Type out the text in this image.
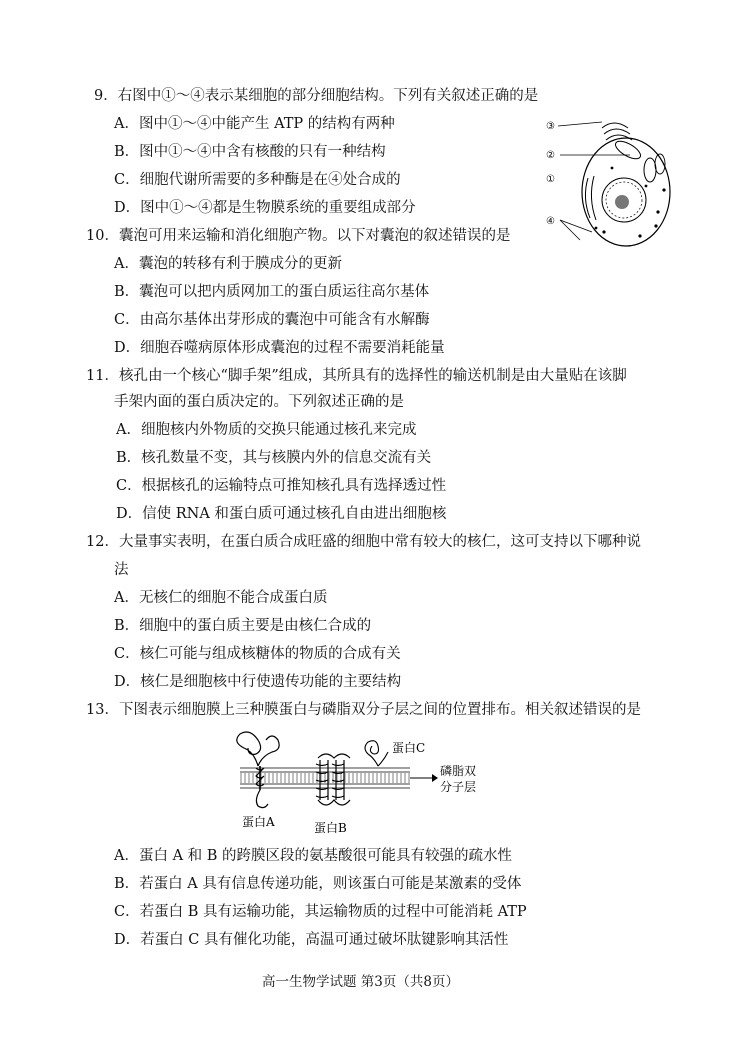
9．右图中①～④表示某细胞的部分细胞结构。下列有关叙述正确的是
A．图中①～④中能产生 ATP 的结构有两种
B．图中①～④中含有核酸的只有一种结构
C．细胞代谢所需要的多种酶是在④处合成的
D．图中①～④都是生物膜系统的重要组成部分
③
②
①
④
10．囊泡可用来运输和消化细胞产物。以下对囊泡的叙述错误的是
A．囊泡的转移有利于膜成分的更新
B．囊泡可以把内质网加工的蛋白质运往高尔基体
C．由高尔基体出芽形成的囊泡中可能含有水解酶
D．细胞吞噬病原体形成囊泡的过程不需要消耗能量
11．核孔由一个核心“脚手架”组成，其所具有的选择性的输送机制是由大量贴在该脚
手架内面的蛋白质决定的。下列叙述正确的是
A．细胞核内外物质的交换只能通过核孔来完成
B．核孔数量不变，其与核膜内外的信息交流有关
C．根据核孔的运输特点可推知核孔具有选择透过性
D．信使 RNA 和蛋白质可通过核孔自由进出细胞核
12．大量事实表明，在蛋白质合成旺盛的细胞中常有较大的核仁，这可支持以下哪种说
法
A．无核仁的细胞不能合成蛋白质
B．细胞中的蛋白质主要是由核仁合成的
C．核仁可能与组成核糖体的物质的合成有关
D．核仁是细胞核中行使遗传功能的主要结构
13．下图表示细胞膜上三种膜蛋白与磷脂双分子层之间的位置排布。相关叙述错误的是
蛋白C
磷脂双
分子层
蛋白A	蛋白B
A．蛋白 A 和 B 的跨膜区段的氨基酸很可能具有较强的疏水性
B．若蛋白 A 具有信息传递功能，则该蛋白可能是某激素的受体
C．若蛋白 B 具有运输功能，其运输物质的过程中可能消耗 ATP
D．若蛋白 C 具有催化功能，高温可通过破坏肽键影响其活性
高一生物学试题 第3页（共8页）
